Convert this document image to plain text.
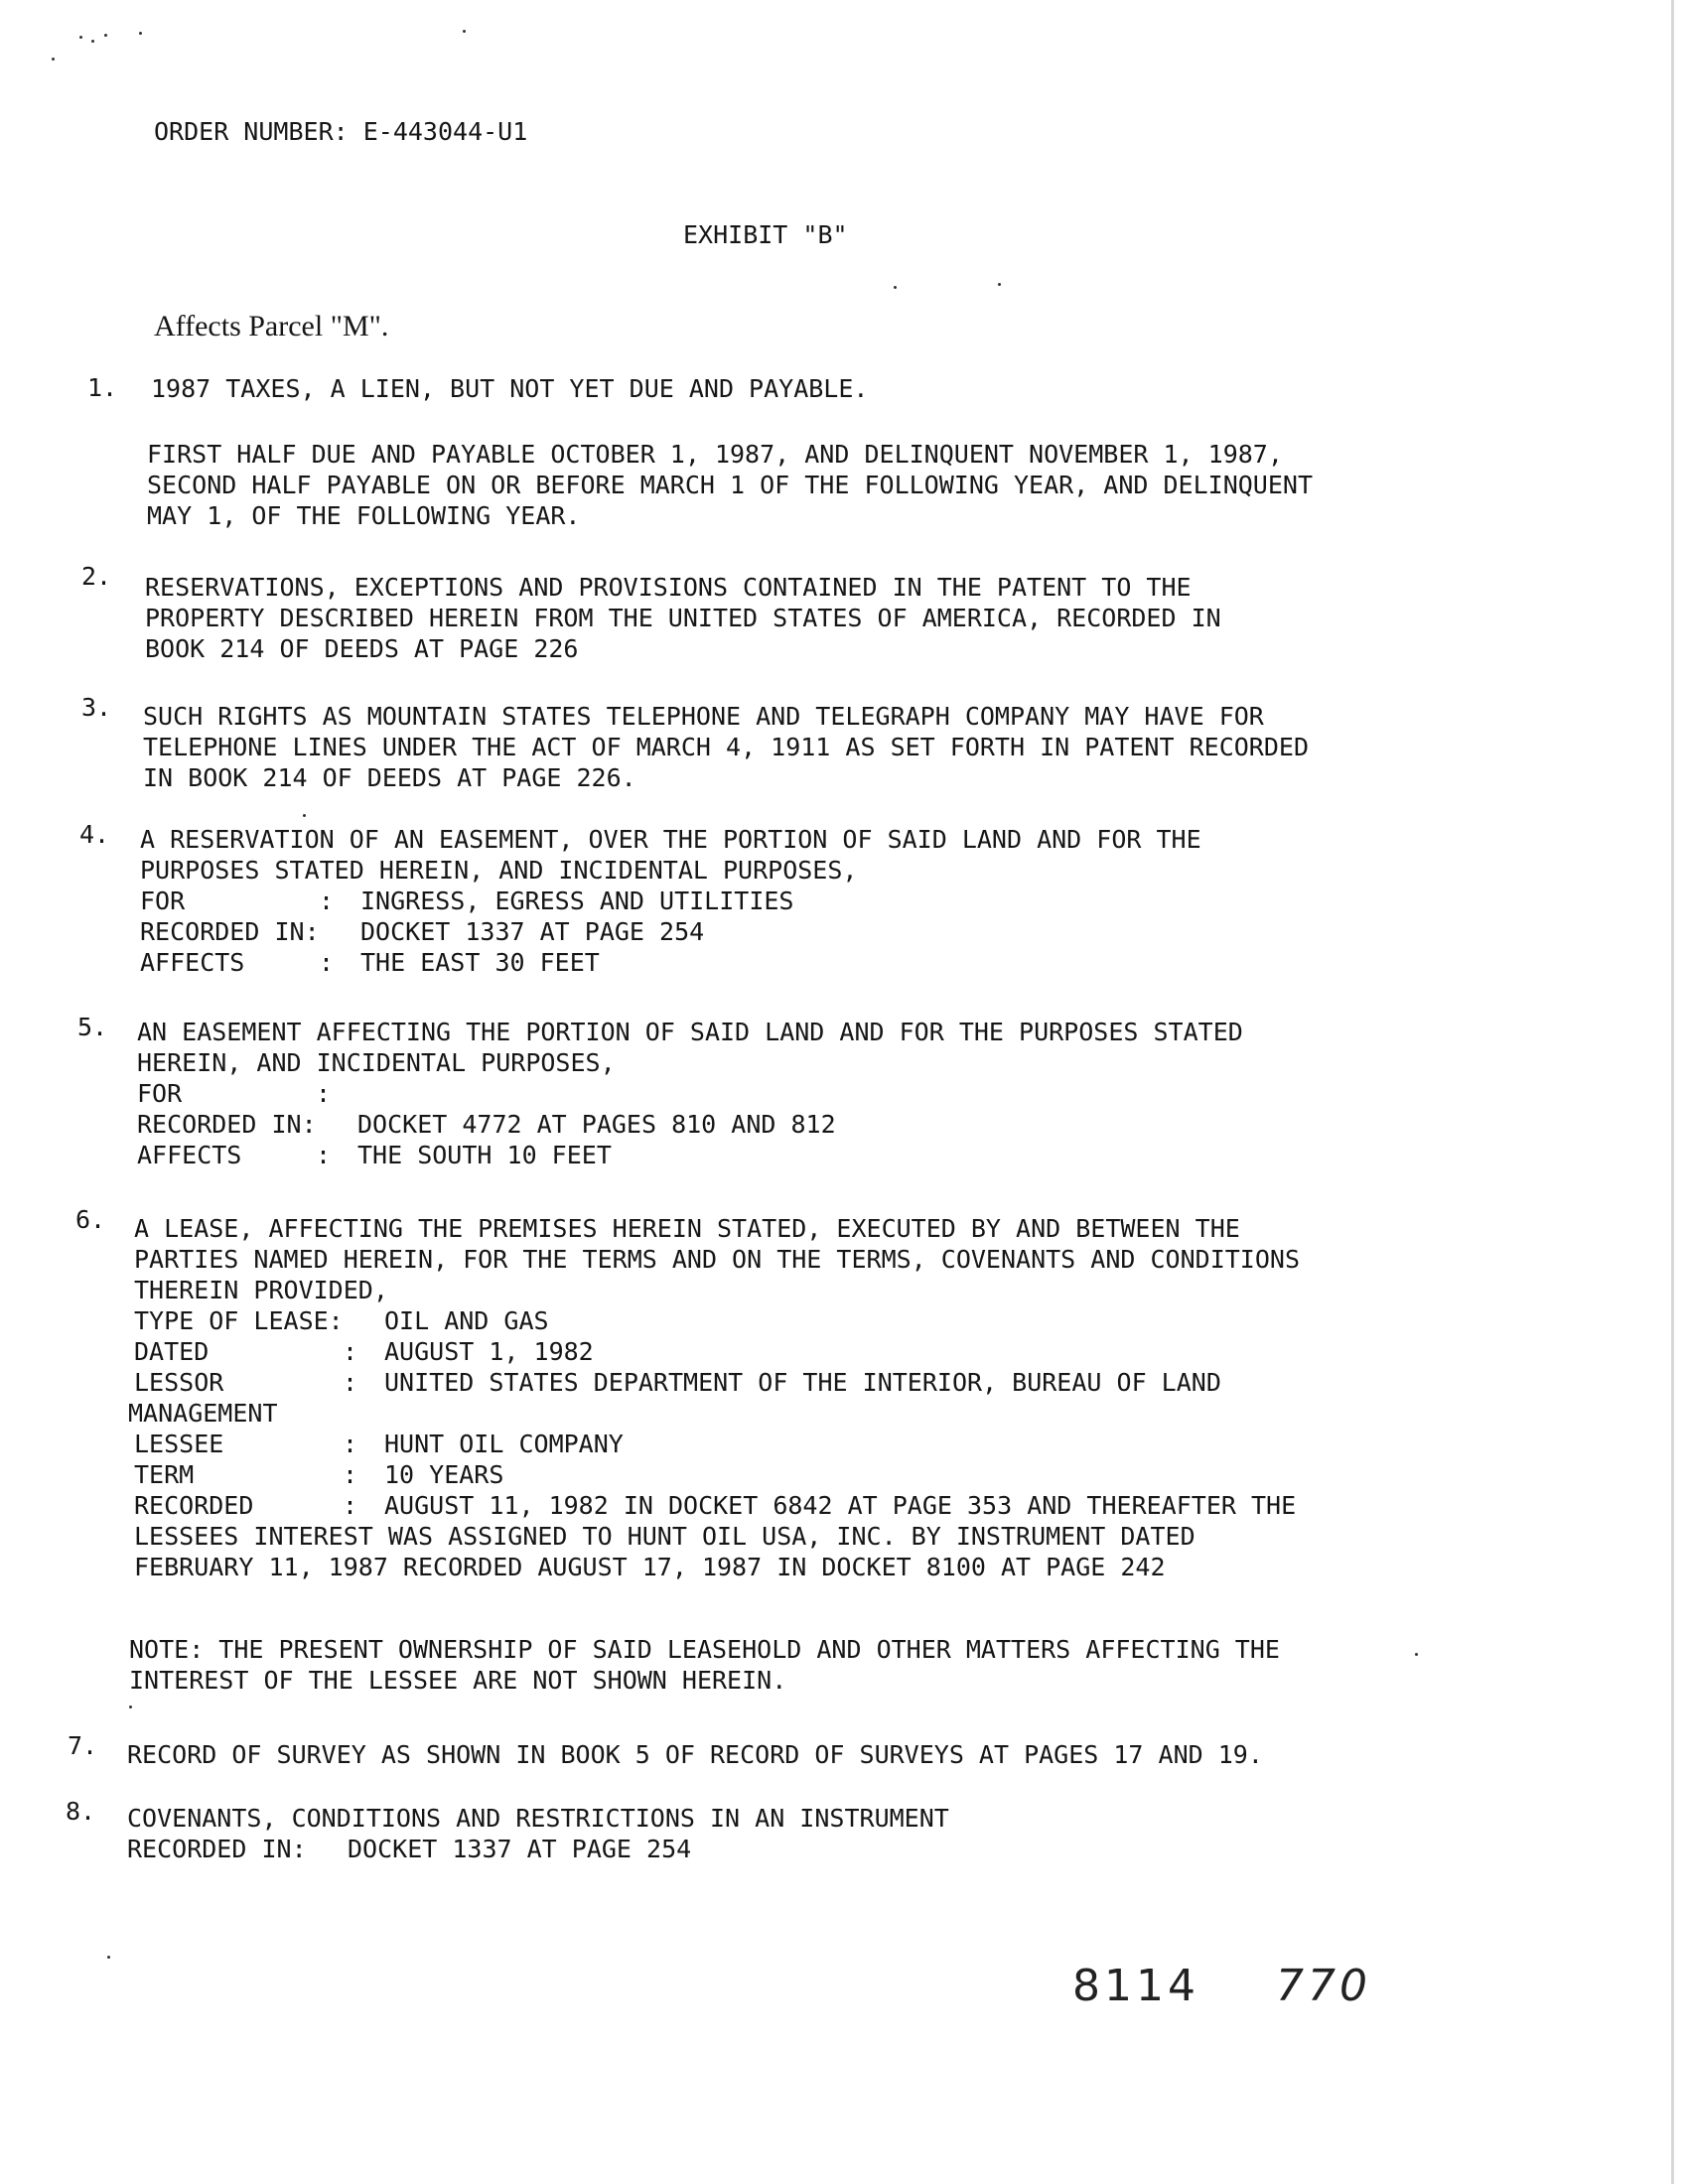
ORDER NUMBER: E-443044-U1
EXHIBIT "B"
Affects Parcel "M".
1. 1987 TAXES, A LIEN, BUT NOT YET DUE AND PAYABLE.
FIRST HALF DUE AND PAYABLE OCTOBER 1, 1987, AND DELINQUENT NOVEMBER 1, 1987,
SECOND HALF PAYABLE ON OR BEFORE MARCH 1 OF THE FOLLOWING YEAR, AND DELINQUENT
MAY 1, OF THE FOLLOWING YEAR.
2. RESERVATIONS, EXCEPTIONS AND PROVISIONS CONTAINED IN THE PATENT TO THE
PROPERTY DESCRIBED HEREIN FROM THE UNITED STATES OF AMERICA, RECORDED IN
BOOK 214 OF DEEDS AT PAGE 226
3. SUCH RIGHTS AS MOUNTAIN STATES TELEPHONE AND TELEGRAPH COMPANY MAY HAVE FOR
TELEPHONE LINES UNDER THE ACT OF MARCH 4, 1911 AS SET FORTH IN PATENT RECORDED
IN BOOK 214 OF DEEDS AT PAGE 226.
4. A RESERVATION OF AN EASEMENT, OVER THE PORTION OF SAID LAND AND FOR THE
PURPOSES STATED HEREIN, AND INCIDENTAL PURPOSES,
FOR	: INGRESS, EGRESS AND UTILITIES
RECORDED IN: DOCKET 1337 AT PAGE 254
AFFECTS	: THE EAST 30 FEET
5. AN EASEMENT AFFECTING THE PORTION OF SAID LAND AND FOR THE PURPOSES STATED
HEREIN, AND INCIDENTAL PURPOSES,
FOR	:
RECORDED IN: DOCKET 4772 AT PAGES 810 AND 812
AFFECTS	: THE SOUTH 10 FEET
6. A LEASE, AFFECTING THE PREMISES HEREIN STATED, EXECUTED BY AND BETWEEN THE
PARTIES NAMED HEREIN, FOR THE TERMS AND ON THE TERMS, COVENANTS AND CONDITIONS
THEREIN PROVIDED,
TYPE OF LEASE: OIL AND GAS
DATED	: AUGUST 1, 1982
LESSOR	: UNITED STATES DEPARTMENT OF THE INTERIOR, BUREAU OF LAND
MANAGEMENT
LESSEE	: HUNT OIL COMPANY
TERM	: 10 YEARS
RECORDED	: AUGUST 11, 1982 IN DOCKET 6842 AT PAGE 353 AND THEREAFTER THE
LESSEES INTEREST WAS ASSIGNED TO HUNT OIL USA, INC. BY INSTRUMENT DATED
FEBRUARY 11, 1987 RECORDED AUGUST 17, 1987 IN DOCKET 8100 AT PAGE 242
NOTE: THE PRESENT OWNERSHIP OF SAID LEASEHOLD AND OTHER MATTERS AFFECTING THE
INTEREST OF THE LESSEE ARE NOT SHOWN HEREIN.
7. RECORD OF SURVEY AS SHOWN IN BOOK 5 OF RECORD OF SURVEYS AT PAGES 17 AND 19.
8. COVENANTS, CONDITIONS AND RESTRICTIONS IN AN INSTRUMENT
RECORDED IN: DOCKET 1337 AT PAGE 254
8114 770
